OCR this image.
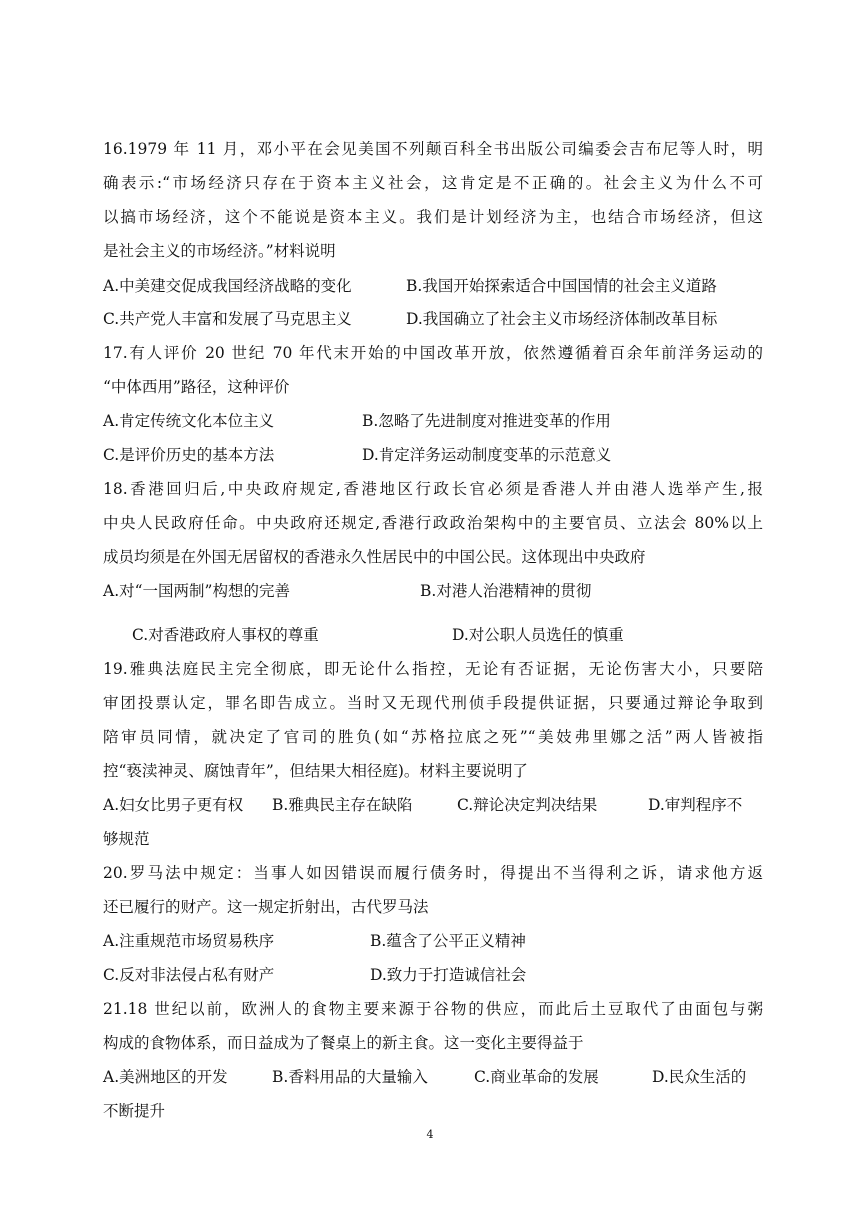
16.1979 年 11 月，邓小平在会见美国不列颠百科全书出版公司编委会吉布尼等人时，明
确表示:“市场经济只存在于资本主义社会，这肯定是不正确的。社会主义为什么不可
以搞市场经济，这个不能说是资本主义。我们是计划经济为主，也结合市场经济，但这
是社会主义的市场经济。”材料说明
A.中美建交促成我国经济战略的变化	B.我国开始探索适合中国国情的社会主义道路
C.共产党人丰富和发展了马克思主义	D.我国确立了社会主义市场经济体制改革目标
17.有人评价 20 世纪 70 年代末开始的中国改革开放，依然遵循着百余年前洋务运动的
“中体西用”路径，这种评价
A.肯定传统文化本位主义	B.忽略了先进制度对推进变革的作用
C.是评价历史的基本方法	D.肯定洋务运动制度变革的示范意义
18.香港回归后,中央政府规定,香港地区行政长官必须是香港人并由港人选举产生,报
中央人民政府任命。中央政府还规定,香港行政政治架构中的主要官员、立法会 80%以上
成员均须是在外国无居留权的香港永久性居民中的中国公民。这体现出中央政府
A.对“一国两制”构想的完善	B.对港人治港精神的贯彻
C.对香港政府人事权的尊重	D.对公职人员选任的慎重
19.雅典法庭民主完全彻底，即无论什么指控，无论有否证据，无论伤害大小，只要陪
审团投票认定，罪名即告成立。当时又无现代刑侦手段提供证据，只要通过辩论争取到
陪审员同情，就决定了官司的胜负(如“苏格拉底之死”“美妓弗里娜之活”两人皆被指
控“亵渎神灵、腐蚀青年”，但结果大相径庭)。材料主要说明了
A.妇女比男子更有权 B.雅典民主存在缺陷	C.辩论决定判决结果	D.审判程序不
够规范
20.罗马法中规定：当事人如因错误而履行债务时，得提出不当得利之诉，请求他方返
还已履行的财产。这一规定折射出，古代罗马法
A.注重规范市场贸易秩序	B.蕴含了公平正义精神
C.反对非法侵占私有财产	D.致力于打造诚信社会
21.18 世纪以前，欧洲人的食物主要来源于谷物的供应，而此后土豆取代了由面包与粥
构成的食物体系，而日益成为了餐桌上的新主食。这一变化主要得益于
A.美洲地区的开发	B.香料用品的大量输入	C.商业革命的发展	D.民众生活的
不断提升
4
